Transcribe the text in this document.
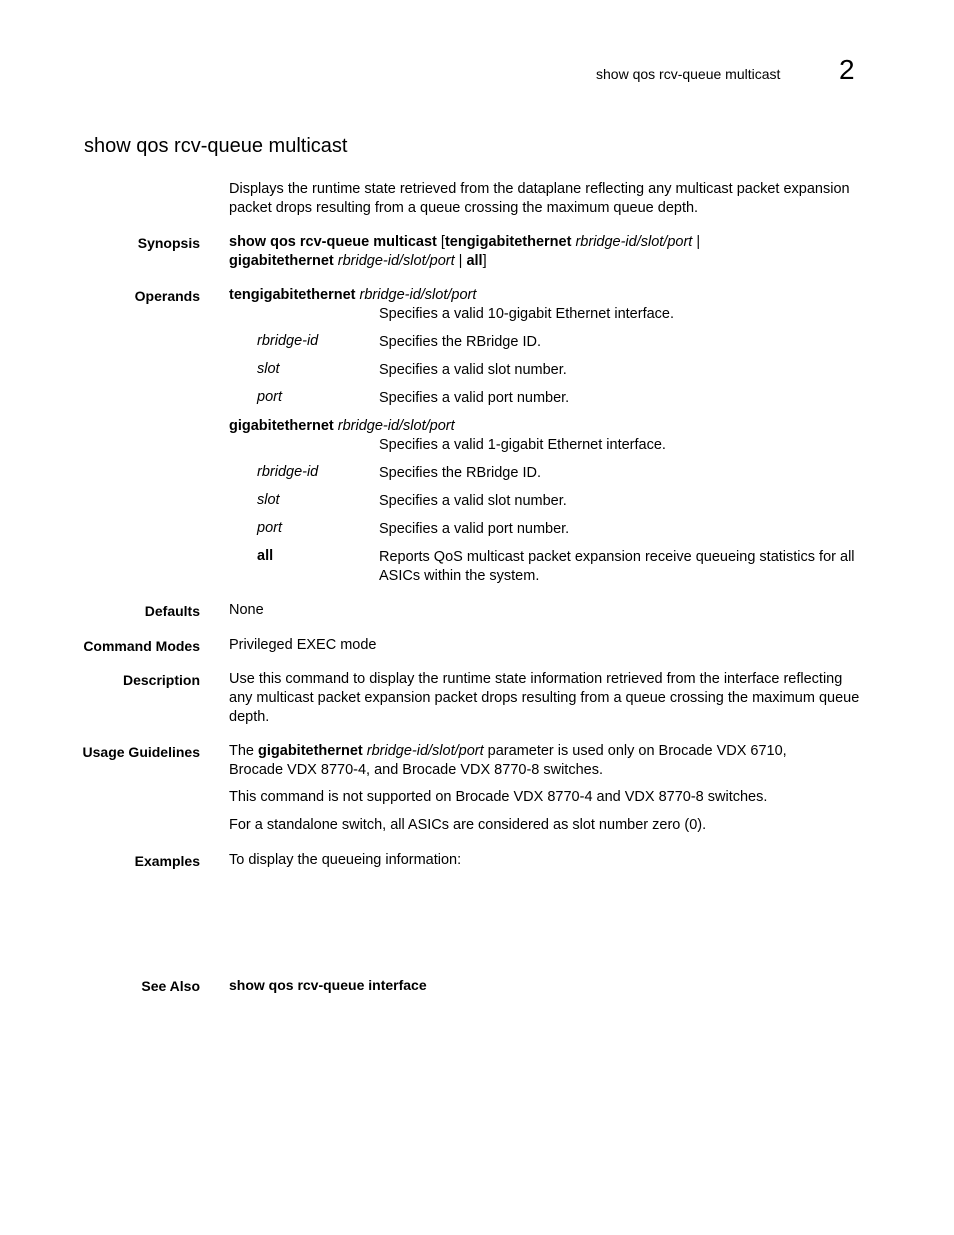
show qos rcv-queue multicast 2
show qos rcv-queue multicast
Displays the runtime state retrieved from the dataplane reflecting any multicast packet expansion packet drops resulting from a queue crossing the maximum queue depth.
Synopsis show qos rcv-queue multicast [tengigabitethernet rbridge-id/slot/port |
gigabitethernet rbridge-id/slot/port | all]
Operands tengigabitethernet rbridge-id/slot/port
Specifies a valid 10-gigabit Ethernet interface.
rbridge-id	Specifies the RBridge ID.
slot	Specifies a valid slot number.
port	Specifies a valid port number.
gigabitethernet rbridge-id/slot/port
Specifies a valid 1-gigabit Ethernet interface.
rbridge-id	Specifies the RBridge ID.
slot	Specifies a valid slot number.
port	Specifies a valid port number.
all	Reports QoS multicast packet expansion receive queueing statistics for all ASICs within the system.
Defaults None
Command Modes Privileged EXEC mode
Description Use this command to display the runtime state information retrieved from the interface reflecting any multicast packet expansion packet drops resulting from a queue crossing the maximum queue depth.
Usage Guidelines The gigabitethernet rbridge-id/slot/port parameter is used only on Brocade VDX 6710, Brocade VDX 8770-4, and Brocade VDX 8770-8 switches.
This command is not supported on Brocade VDX 8770-4 and VDX 8770-8 switches.
For a standalone switch, all ASICs are considered as slot number zero (0).
Examples To display the queueing information:
See Also show qos rcv-queue interface
